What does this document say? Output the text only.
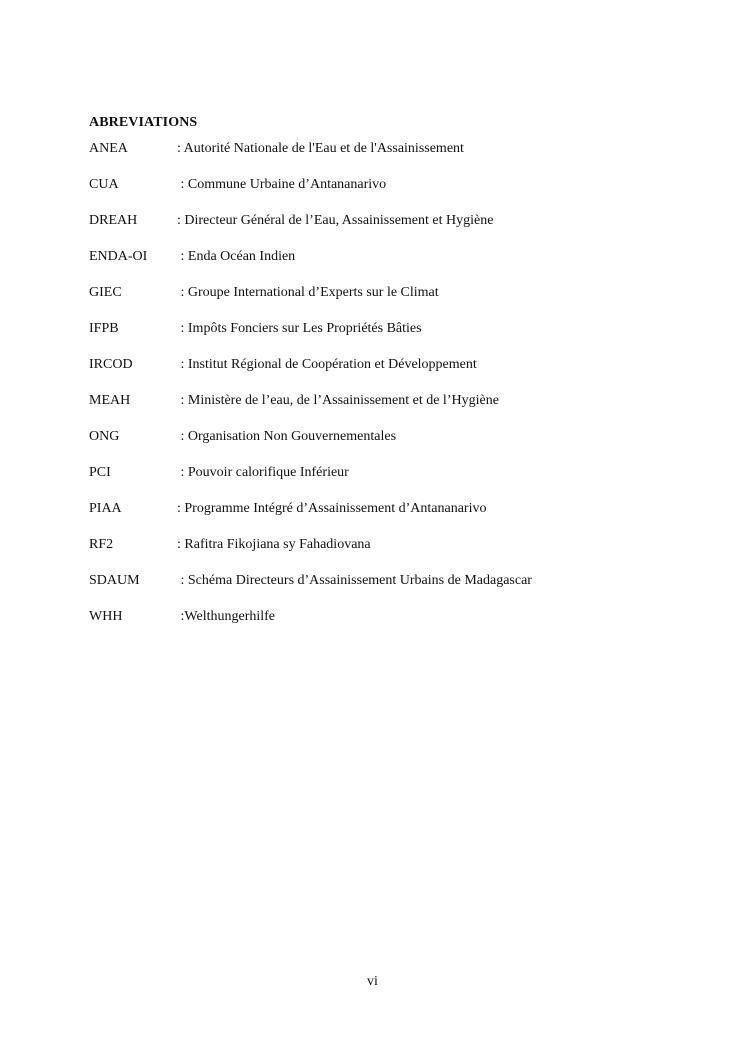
ABREVIATIONS
ANEA	: Autorité Nationale de l'Eau et de l'Assainissement
CUA	: Commune Urbaine d’Antananarivo
DREAH	: Directeur Général de l’Eau, Assainissement et Hygiène
ENDA-OI : Enda Océan Indien
GIEC	: Groupe International d’Experts sur le Climat
IFPB	: Impôts Fonciers sur Les Propriétés Bâties
IRCOD	: Institut Régional de Coopération et Développement
MEAH	: Ministère de l’eau, de l’Assainissement et de l’Hygiène
ONG	: Organisation Non Gouvernementales
PCI	: Pouvoir calorifique Inférieur
PIAA	: Programme Intégré d’Assainissement d’Antananarivo
RF2	: Rafitra Fikojiana sy Fahadiovana
SDAUM	: Schéma Directeurs d’Assainissement Urbains de Madagascar
WHH	:Welthungerhilfe
vi
